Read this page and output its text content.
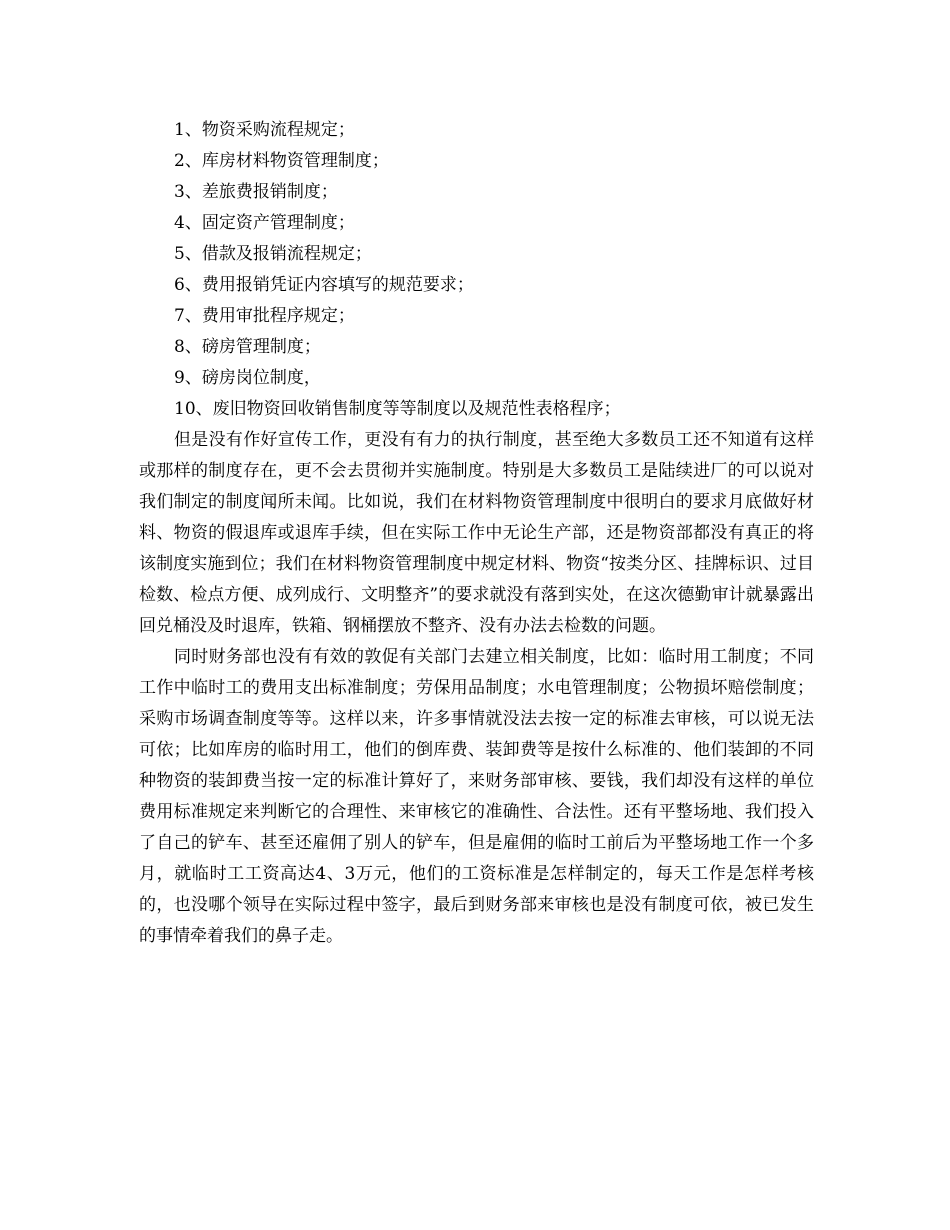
1、物资采购流程规定；
2、库房材料物资管理制度；
3、差旅费报销制度；
4、固定资产管理制度；
5、借款及报销流程规定；
6、费用报销凭证内容填写的规范要求；
7、费用审批程序规定；
8、磅房管理制度；
9、磅房岗位制度，
10、废旧物资回收销售制度等等制度以及规范性表格程序；

但是没有作好宣传工作，更没有有力的执行制度，甚至绝大多数员工还不知道有这样或那样的制度存在，更不会去贯彻并实施制度。特别是大多数员工是陆续进厂的可以说对我们制定的制度闻所未闻。比如说，我们在材料物资管理制度中很明白的要求月底做好材料、物资的假退库或退库手续，但在实际工作中无论生产部，还是物资部都没有真正的将该制度实施到位；我们在材料物资管理制度中规定材料、物资“按类分区、挂牌标识、过目检数、检点方便、成列成行、文明整齐”的要求就没有落到实处，在这次德勤审计就暴露出回兑桶没及时退库，铁箱、钢桶摆放不整齐、没有办法去检数的问题。

同时财务部也没有有效的敦促有关部门去建立相关制度，比如：临时用工制度；不同工作中临时工的费用支出标准制度；劳保用品制度；水电管理制度；公物损坏赔偿制度；采购市场调查制度等等。这样以来，许多事情就没法去按一定的标准去审核，可以说无法可依；比如库房的临时用工，他们的倒库费、装卸费等是按什么标准的、他们装卸的不同种物资的装卸费当按一定的标准计算好了，来财务部审核、要钱，我们却没有这样的单位费用标准规定来判断它的合理性、来审核它的准确性、合法性。还有平整场地、我们投入了自己的铲车、甚至还雇佣了别人的铲车，但是雇佣的临时工前后为平整场地工作一个多月，就临时工工资高达4、3万元，他们的工资标准是怎样制定的，每天工作是怎样考核的，也没哪个领导在实际过程中签字，最后到财务部来审核也是没有制度可依，被已发生的事情牵着我们的鼻子走。
